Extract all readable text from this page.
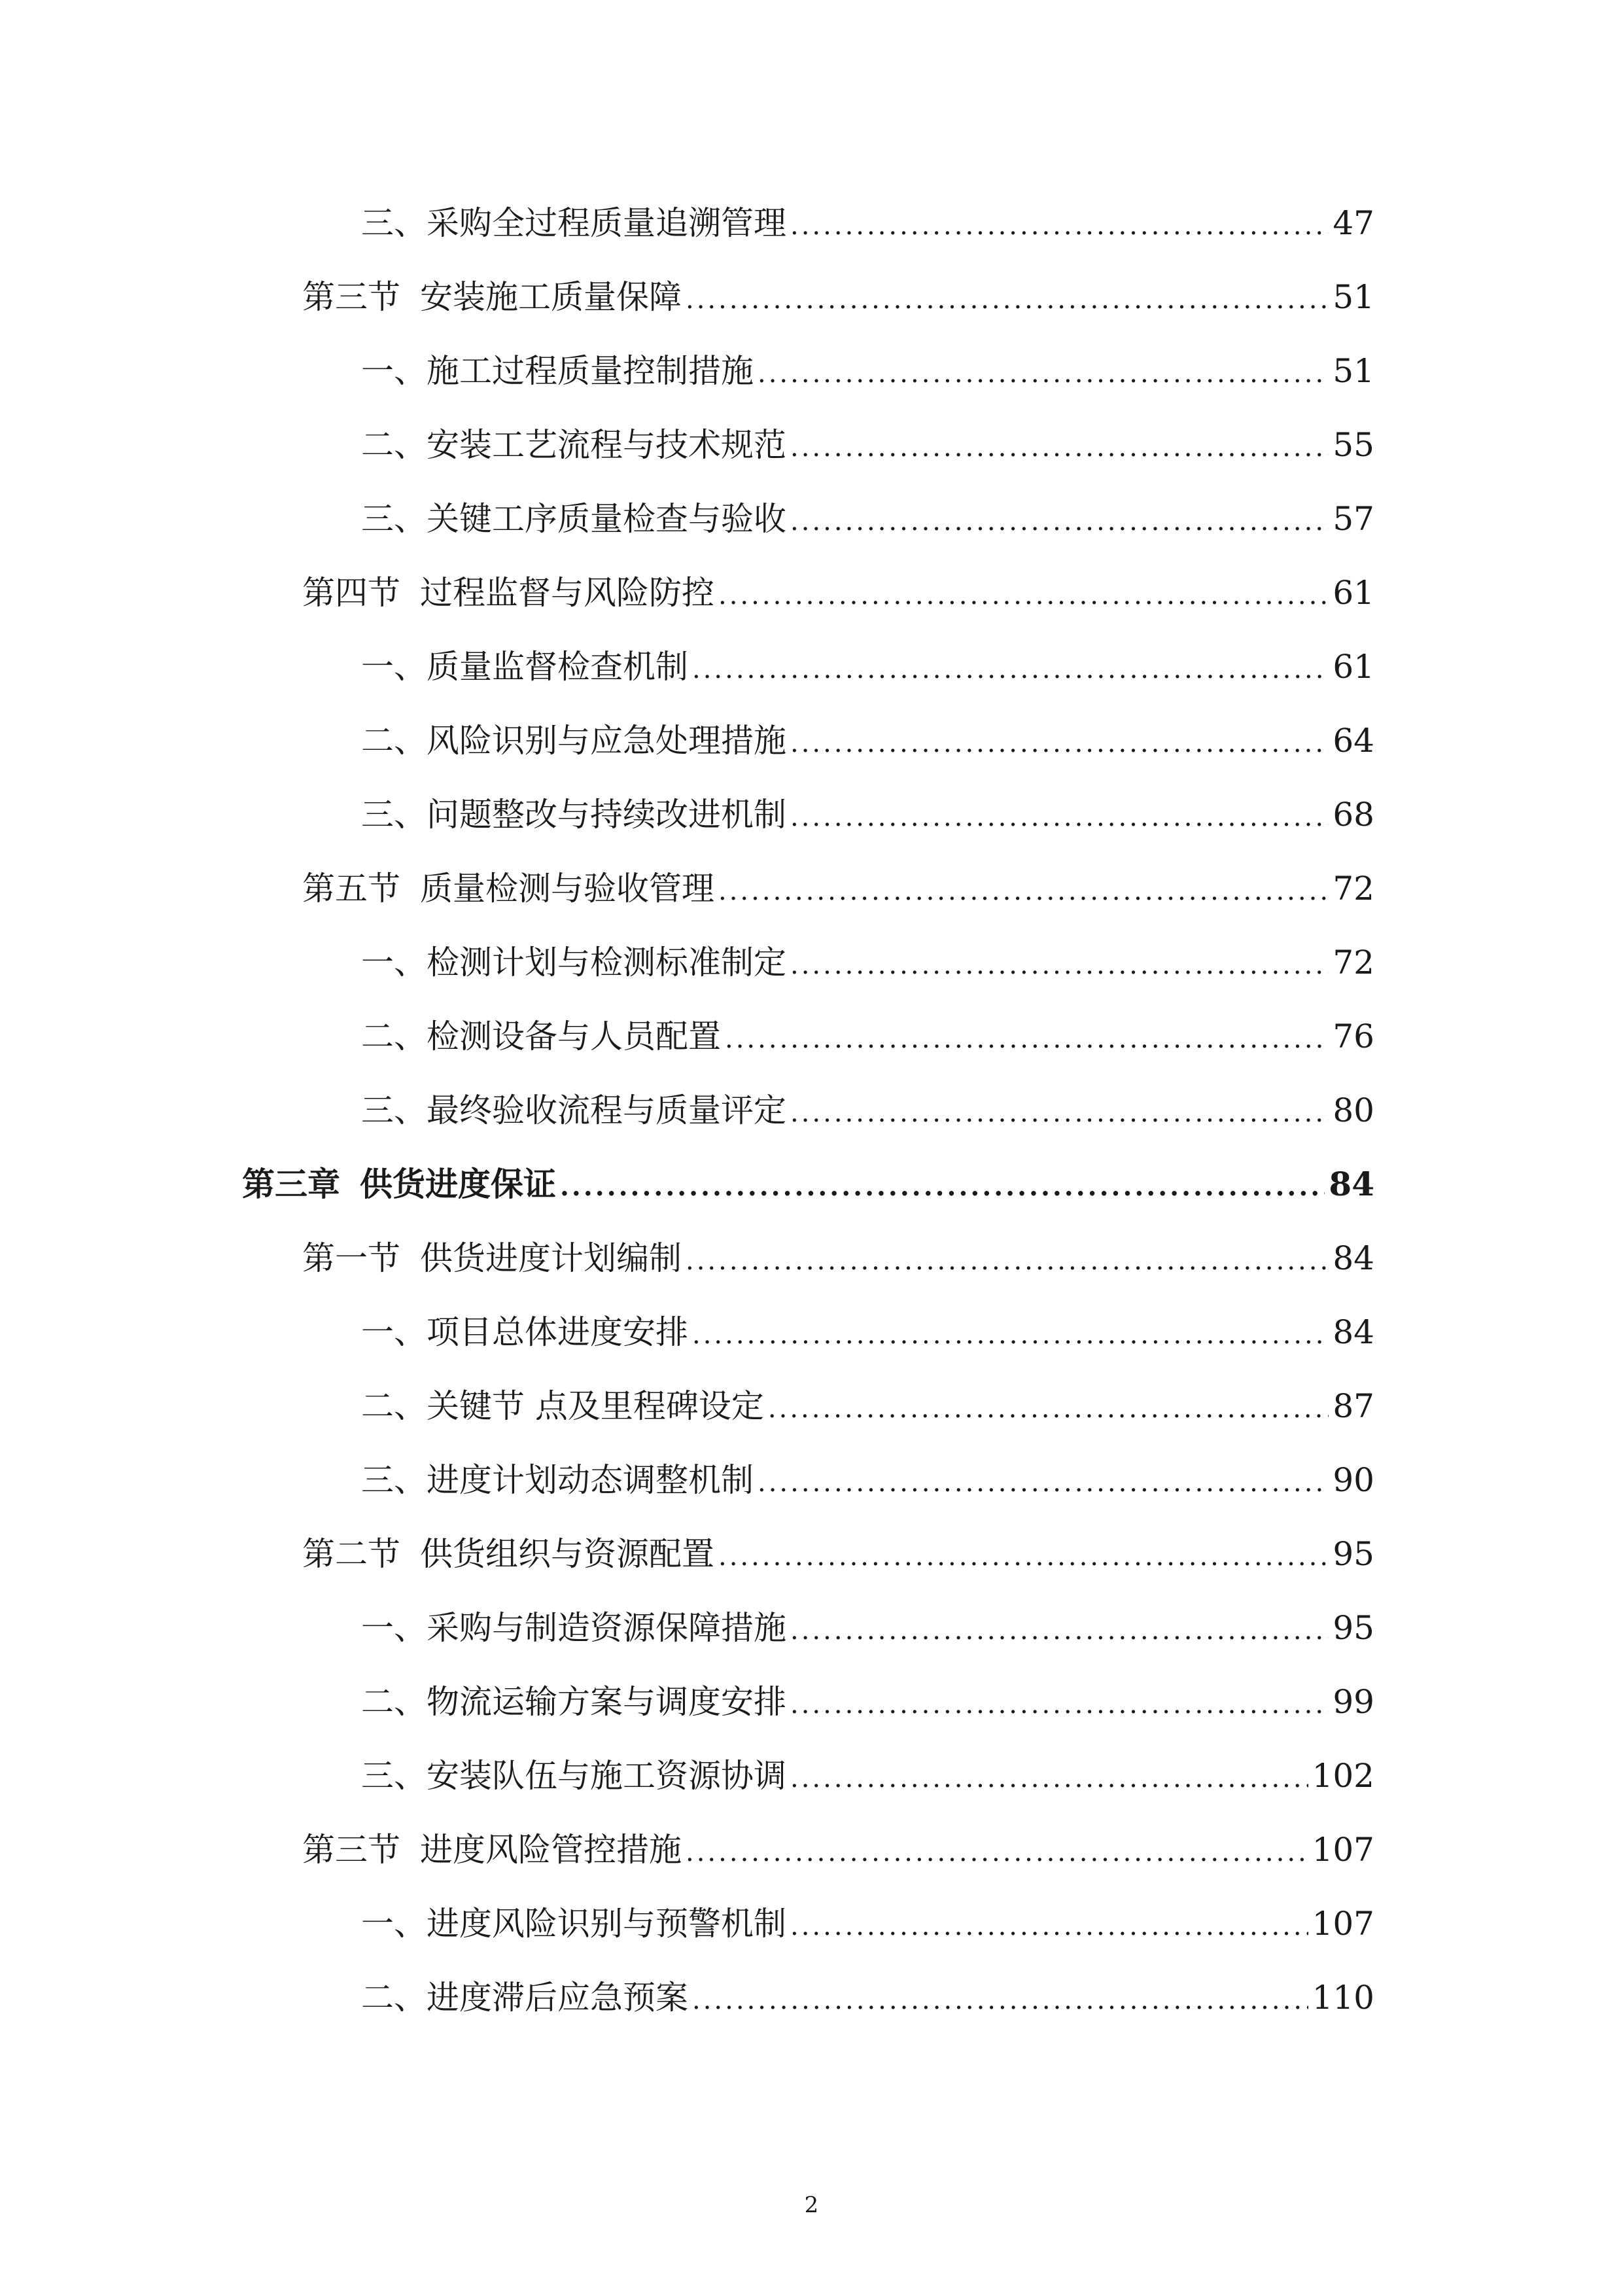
三、 采购全过程质量追溯管理 .....	47
第三节 安装施工质量保障 .....	51
一、 施工过程质量控制措施 .....	51
二、 安装工艺流程与技术规范 .....	55
三、 关键工序质量检查与验收 .....	57
第四节 过程监督与风险防控 .....	61
一、 质量监督检查机制 .....	61
二、 风险识别与应急处理措施 .....	64
三、 问题整改与持续改进机制 .....	68
第五节 质量检测与验收管理 .....	72
一、 检测计划与检测标准制定 .....	72
二、 检测设备与人员配置 .....	76
三、 最终验收流程与质量评定 .....	80
第三章 供货进度保证 .....	84
第一节 供货进度计划编制 .....	84
一、 项目总体进度安排 .....	84
二、 关键节 点及里程碑设定 .....	87
三、 进度计划动态调整机制 .....	90
第二节 供货组织与资源配置 .....	95
一、 采购与制造资源保障措施 .....	95
二、 物流运输方案与调度安排 .....	99
三、 安装队伍与施工资源协调 .....	102
第三节 进度风险管控措施 .....	107
一、 进度风险识别与预警机制 .....	107
二、 进度滞后应急预案 .....	110
2
